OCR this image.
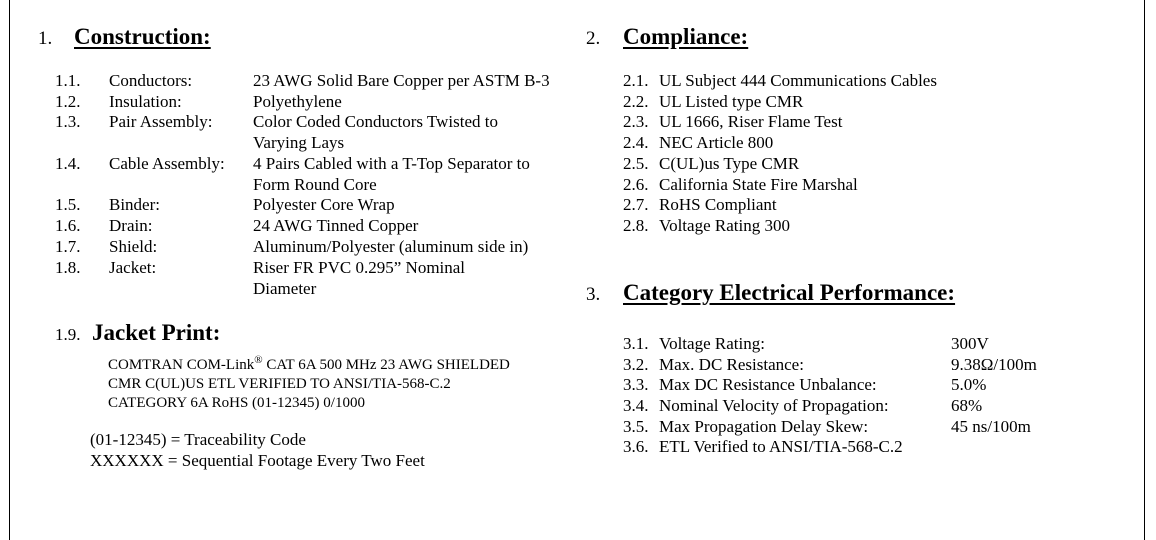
1. Construction:
1.1. Conductors:	23 AWG Solid Bare Copper per ASTM B-3
1.2. Insulation:	Polyethylene
1.3. Pair Assembly: Color Coded Conductors Twisted to
Varying Lays
1.4. Cable Assembly: 4 Pairs Cabled with a T-Top Separator to
Form Round Core
1.5. Binder:	Polyester Core Wrap
1.6. Drain:	24 AWG Tinned Copper
1.7. Shield:	Aluminum/Polyester (aluminum side in)
1.8. Jacket:	Riser FR PVC 0.295” Nominal
Diameter
1.9. Jacket Print:
COMTRAN COM-Link® CAT 6A 500 MHz 23 AWG SHIELDED
CMR C(UL)US ETL VERIFIED TO ANSI/TIA-568-C.2
CATEGORY 6A RoHS (01-12345) 0/1000
(01-12345) = Traceability Code
XXXXXX = Sequential Footage Every Two Feet
2. Compliance:
2.1. UL Subject 444 Communications Cables
2.2. UL Listed type CMR
2.3. UL 1666, Riser Flame Test
2.4. NEC Article 800
2.5. C(UL)us Type CMR
2.6. California State Fire Marshal
2.7. RoHS Compliant
2.8. Voltage Rating 300
3. Category Electrical Performance:
3.1. Voltage Rating:	300V
3.2. Max. DC Resistance:	9.38Ω/100m
3.3. Max DC Resistance Unbalance:	5.0%
3.4. Nominal Velocity of Propagation:	68%
3.5. Max Propagation Delay Skew:	45 ns/100m
3.6. ETL Verified to ANSI/TIA-568-C.2
